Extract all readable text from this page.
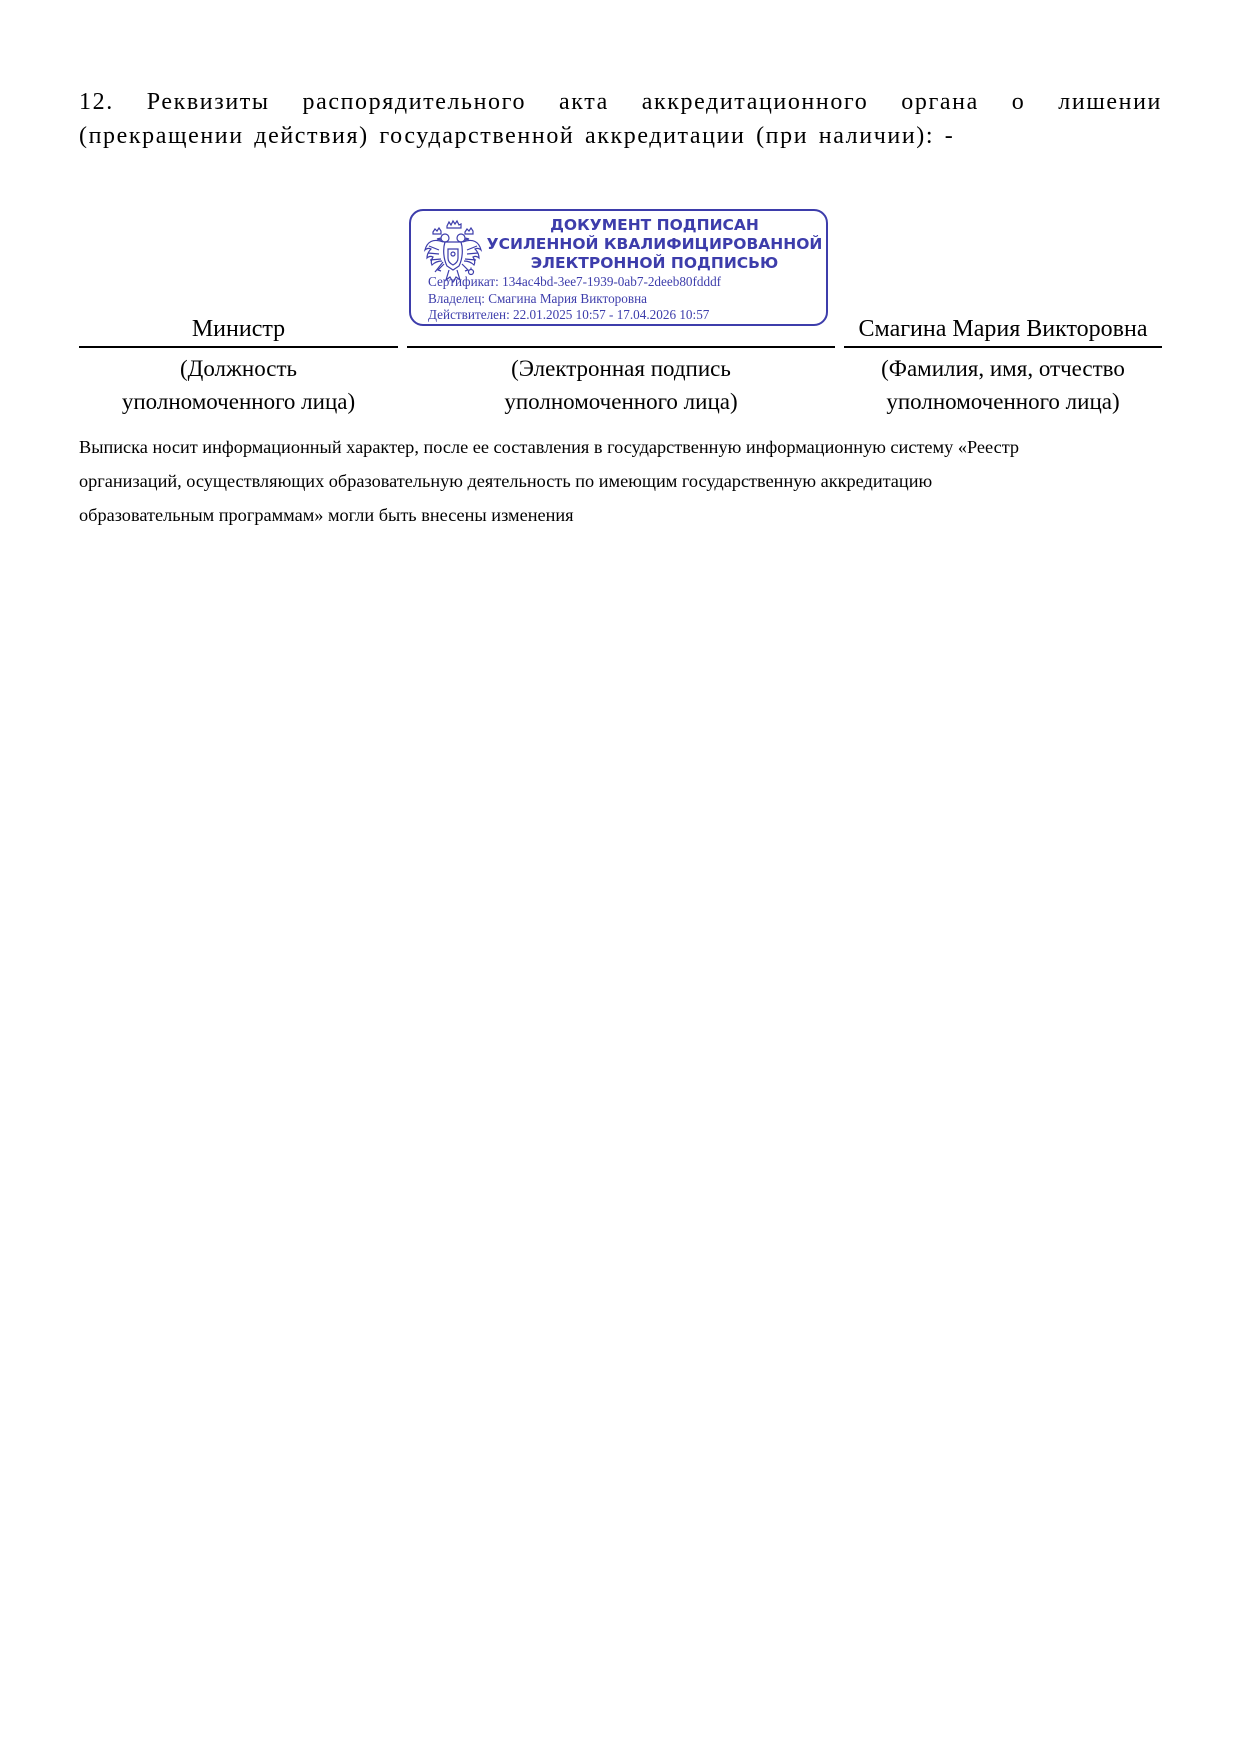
12. Реквизиты распорядительного акта аккредитационного органа о лишении (прекращении действия) государственной аккредитации (при наличии): -
ДОКУМЕНТ ПОДПИСАН
УСИЛЕННОЙ КВАЛИФИЦИРОВАННОЙ
ЭЛЕКТРОННОЙ ПОДПИСЬЮ
Сертификат: 134ac4bd-3ee7-1939-0ab7-2deeb80fdddf
Владелец: Смагина Мария Викторовна
Действителен: 22.01.2025 10:57 - 17.04.2026 10:57
Министр	Смагина Мария Викторовна
(Должность
уполномоченного лица)
(Электронная подпись
уполномоченного лица)
(Фамилия, имя, отчество
уполномоченного лица)
Выписка носит информационный характер, после ее составления в государственную информационную систему «Реестр
организаций, осуществляющих образовательную деятельность по имеющим государственную аккредитацию
образовательным программам» могли быть внесены изменения
